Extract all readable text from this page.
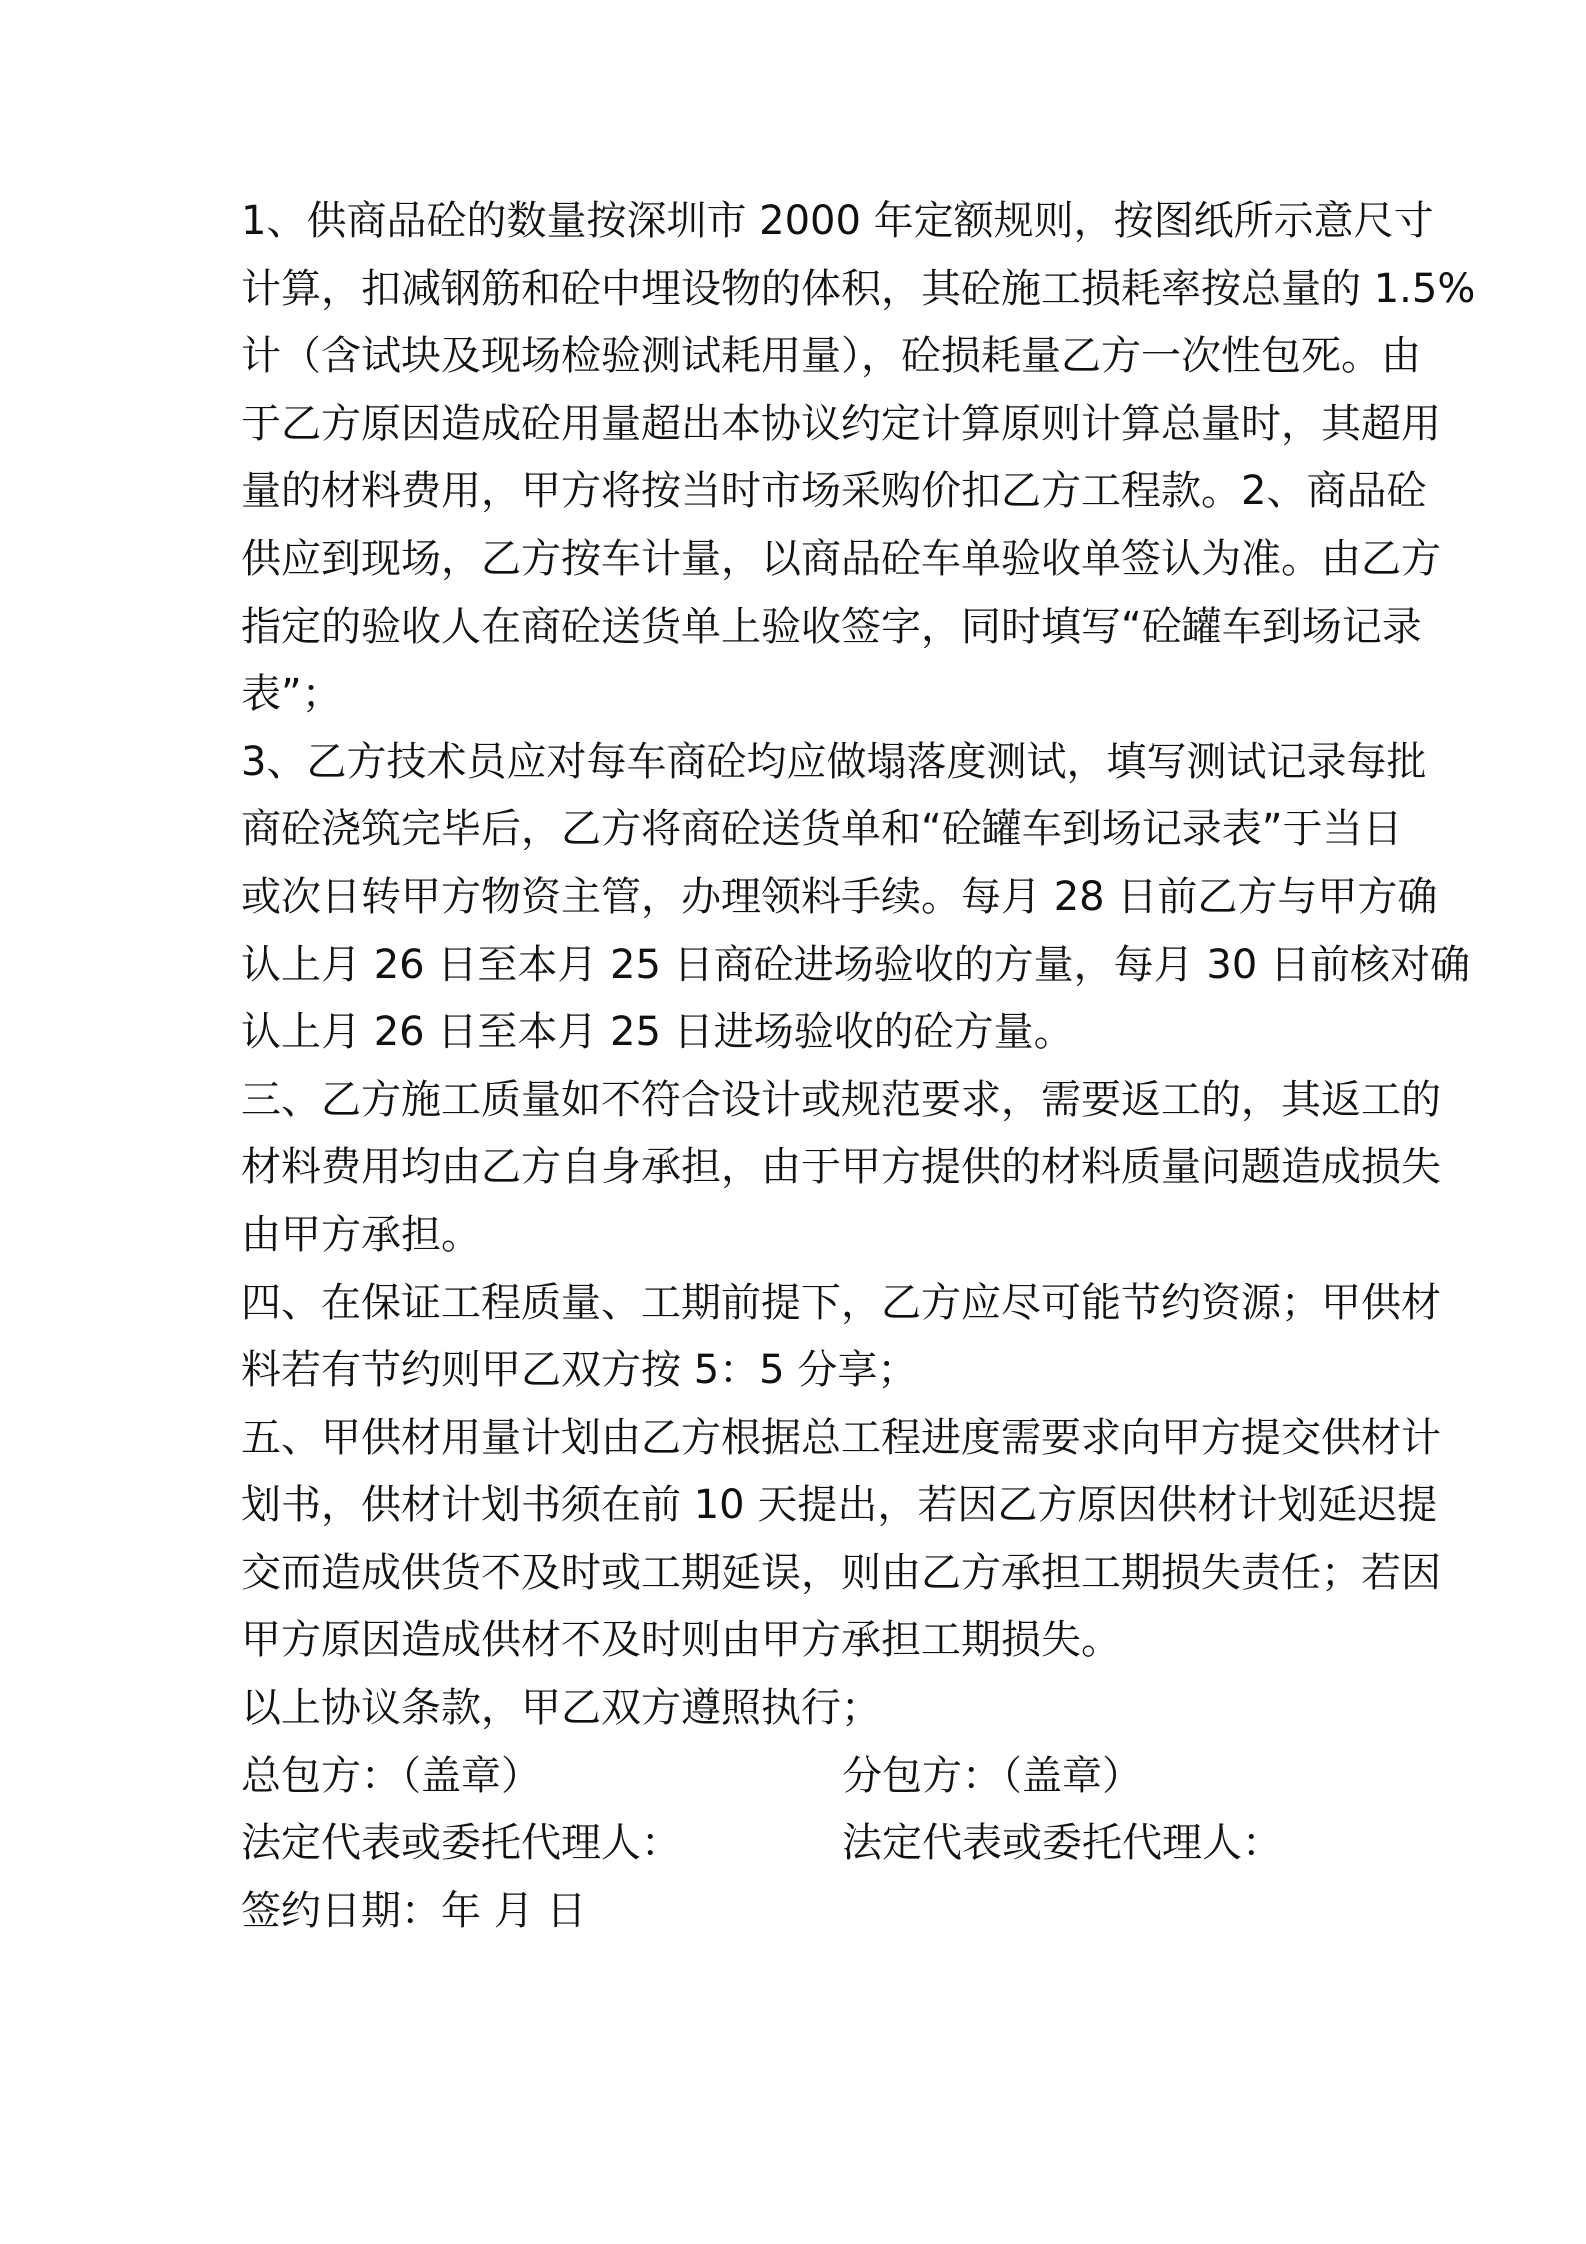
1、供商品砼的数量按深圳市 2000 年定额规则，按图纸所示意尺寸
计算，扣减钢筋和砼中埋设物的体积，其砼施工损耗率按总量的 1.5%
计（含试块及现场检验测试耗用量），砼损耗量乙方一次性包死。由
于乙方原因造成砼用量超出本协议约定计算原则计算总量时，其超用
量的材料费用，甲方将按当时市场采购价扣乙方工程款。2、商品砼
供应到现场，乙方按车计量，以商品砼车单验收单签认为准。由乙方
指定的验收人在商砼送货单上验收签字，同时填写“砼罐车到场记录
表”；
3、乙方技术员应对每车商砼均应做塌落度测试，填写测试记录每批
商砼浇筑完毕后，乙方将商砼送货单和“砼罐车到场记录表”于当日
或次日转甲方物资主管，办理领料手续。每月 28 日前乙方与甲方确
认上月 26 日至本月 25 日商砼进场验收的方量，每月 30 日前核对确
认上月 26 日至本月 25 日进场验收的砼方量。
三、乙方施工质量如不符合设计或规范要求，需要返工的，其返工的
材料费用均由乙方自身承担，由于甲方提供的材料质量问题造成损失
由甲方承担。
四、在保证工程质量、工期前提下，乙方应尽可能节约资源；甲供材
料若有节约则甲乙双方按 5：5 分享；
五、甲供材用量计划由乙方根据总工程进度需要求向甲方提交供材计
划书，供材计划书须在前 10 天提出，若因乙方原因供材计划延迟提
交而造成供货不及时或工期延误，则由乙方承担工期损失责任；若因
甲方原因造成供材不及时则由甲方承担工期损失。
以上协议条款，甲乙双方遵照执行；
总包方：（盖章）	分包方：（盖章）
法定代表或委托代理人：	法定代表或委托代理人：
签约日期：年 月 日
